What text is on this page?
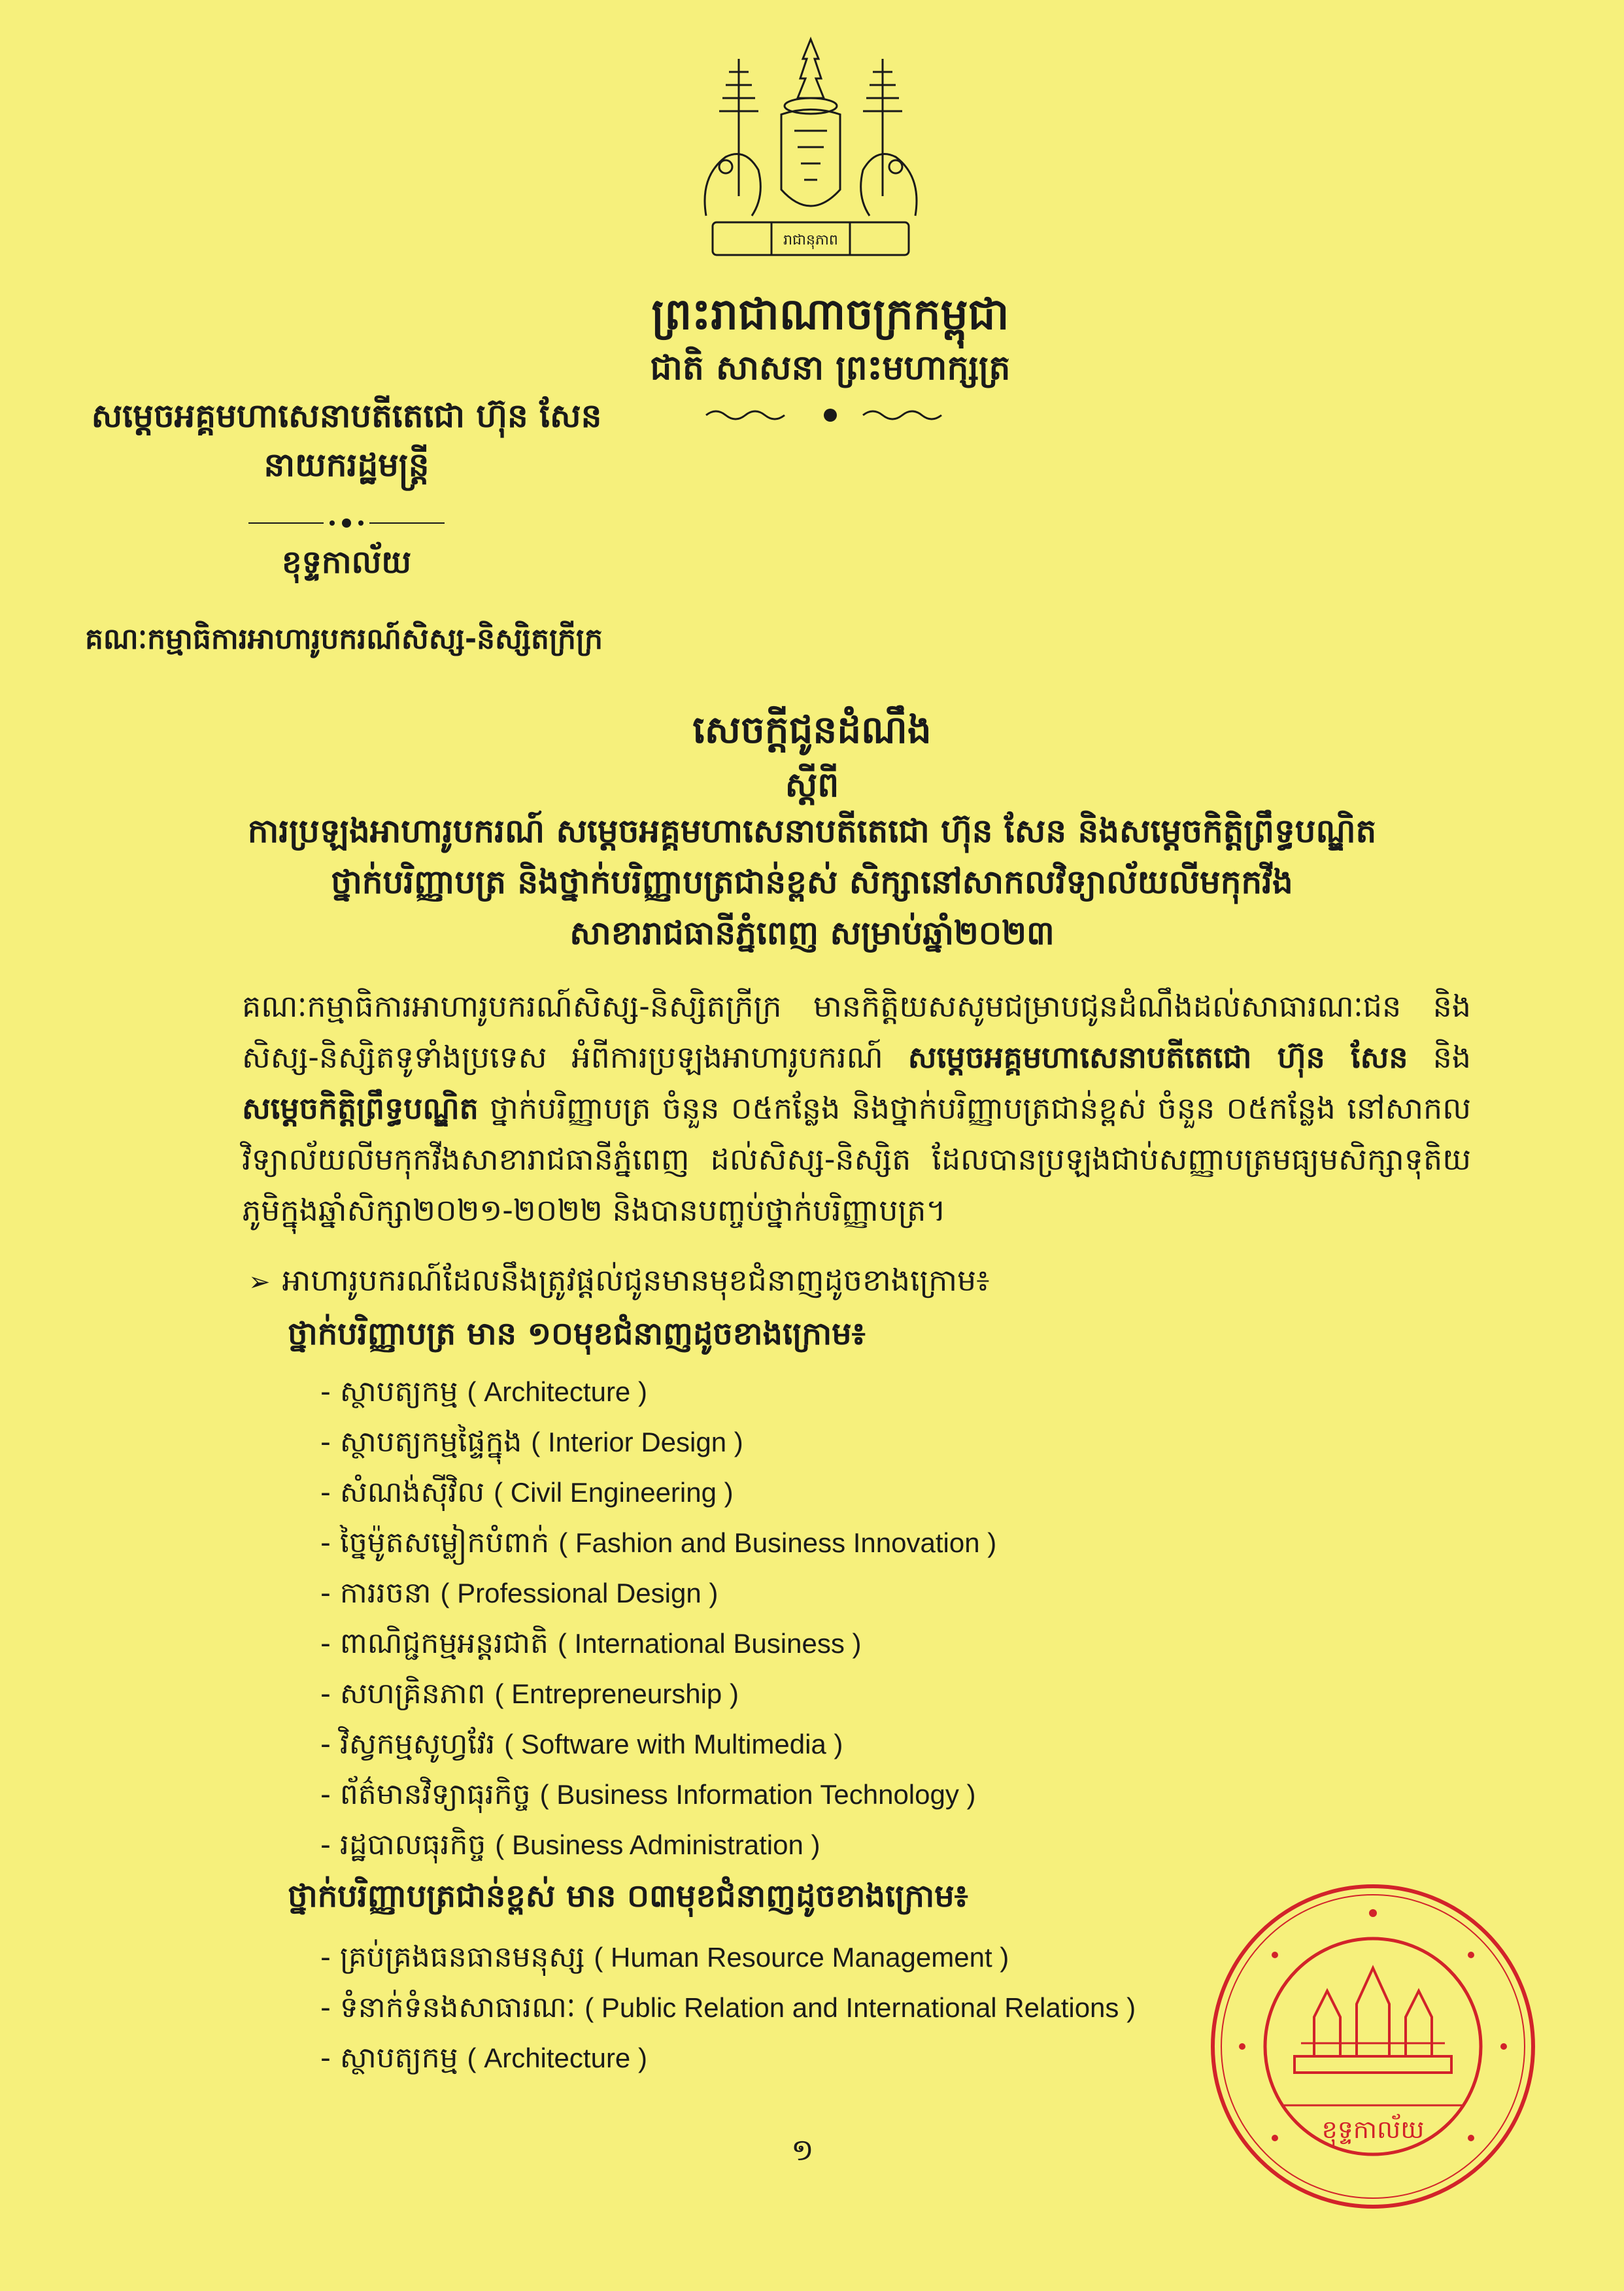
រាជានុភាព
ព្រះរាជាណាចក្រកម្ពុជា
ជាតិ សាសនា ព្រះមហាក្សត្រ
សម្ដេចអគ្គមហាសេនាបតីតេជោ ហ៊ុន សែន
នាយករដ្ឋមន្ត្រី
ខុទ្ទកាល័យ
គណៈកម្មាធិការអាហារូបករណ៍សិស្ស-និស្សិតក្រីក្រ
សេចក្ដីជូនដំណឹង
ស្ដីពី
ការប្រឡងអាហារូបករណ៍ សម្ដេចអគ្គមហាសេនាបតីតេជោ ហ៊ុន សែន និងសម្ដេចកិត្តិព្រឹទ្ធបណ្ឌិត
ថ្នាក់បរិញ្ញាបត្រ និងថ្នាក់បរិញ្ញាបត្រជាន់ខ្ពស់ សិក្សានៅសាកលវិទ្យាល័យលីមកុកវីង
សាខារាជធានីភ្នំពេញ សម្រាប់ឆ្នាំ២០២៣
គណៈកម្មាធិការអាហារូបករណ៍សិស្ស-និស្សិតក្រីក្រ មានកិត្តិយសសូមជម្រាបជូនដំណឹងដល់សាធារណៈជន និងសិស្ស-និស្សិតទូទាំងប្រទេស អំពីការប្រឡងអាហារូបករណ៍ សម្ដេចអគ្គមហាសេនាបតីតេជោ ហ៊ុន សែន និង សម្ដេចកិត្តិព្រឹទ្ធបណ្ឌិត ថ្នាក់បរិញ្ញាបត្រ ចំនួន ០៥កន្លែង និងថ្នាក់បរិញ្ញាបត្រជាន់ខ្ពស់ ចំនួន ០៥កន្លែង នៅសាកលវិទ្យាល័យលីមកុកវីងសាខារាជធានីភ្នំពេញ ដល់សិស្ស-និស្សិត ដែលបានប្រឡងជាប់សញ្ញាបត្រមធ្យមសិក្សាទុតិយភូមិក្នុងឆ្នាំសិក្សា២០២១-២០២២ និងបានបញ្ចប់ថ្នាក់បរិញ្ញាបត្រ។
➢ អាហារូបករណ៍ដែលនឹងត្រូវផ្ដល់ជូនមានមុខជំនាញដូចខាងក្រោម៖
ថ្នាក់បរិញ្ញាបត្រ មាន ១០មុខជំនាញដូចខាងក្រោម៖
- ស្ថាបត្យកម្ម ( Architecture )
- ស្ថាបត្យកម្មផ្ទៃក្នុង ( Interior Design )
- សំណង់ស៊ីវិល ( Civil Engineering )
- ច្នៃម៉ូតសម្លៀកបំពាក់ ( Fashion and Business Innovation )
- ការរចនា ( Professional Design )
- ពាណិជ្ជកម្មអន្តរជាតិ ( International Business )
- សហគ្រិនភាព ( Entrepreneurship )
- វិស្វកម្មសូហ្វវែរ ( Software with Multimedia )
- ព័ត៌មានវិទ្យាធុរកិច្ច ( Business Information Technology )
- រដ្ឋបាលធុរកិច្ច ( Business Administration )
ថ្នាក់បរិញ្ញាបត្រជាន់ខ្ពស់ មាន ០៣មុខជំនាញដូចខាងក្រោម៖
- គ្រប់គ្រងធនធានមនុស្ស ( Human Resource Management )
- ទំនាក់ទំនងសាធារណៈ ( Public Relation and International Relations )
- ស្ថាបត្យកម្ម ( Architecture )
១
ខុទ្ទកាល័យ
